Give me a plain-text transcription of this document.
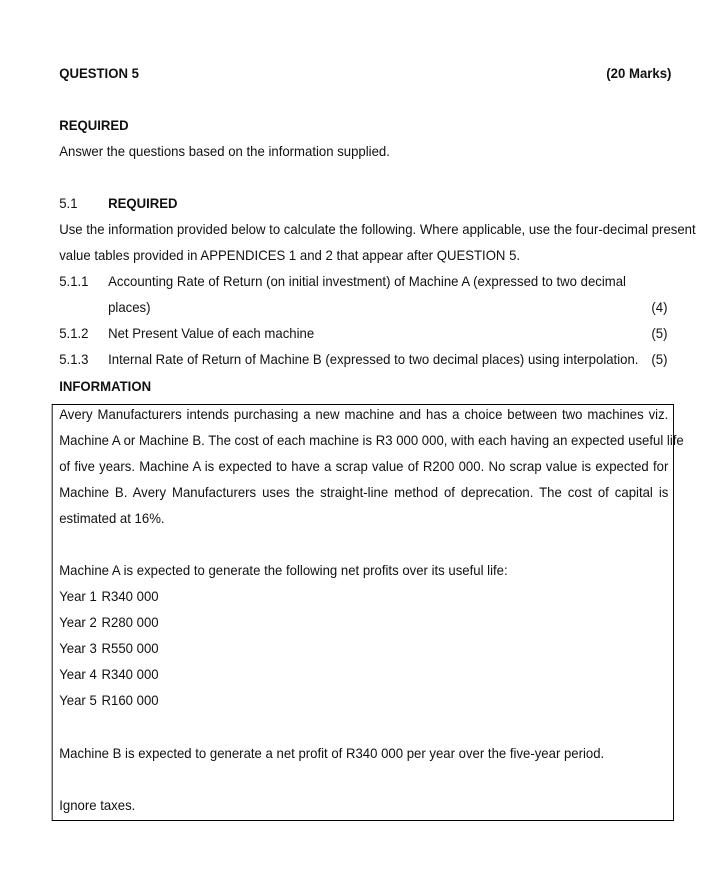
QUESTION 5	(20 Marks)
REQUIRED
Answer the questions based on the information supplied.
5.1 REQUIRED
Use the information provided below to calculate the following. Where applicable, use the four-decimal present
value tables provided in APPENDICES 1 and 2 that appear after QUESTION 5.
5.1.1 Accounting Rate of Return (on initial investment) of Machine A (expressed to two decimal
places)	(4)
5.1.2 Net Present Value of each machine	(5)
5.1.3 Internal Rate of Return of Machine B (expressed to two decimal places) using interpolation. (5)
INFORMATION
Avery Manufacturers intends purchasing a new machine and has a choice between two machines viz.
Machine A or Machine B. The cost of each machine is R3 000 000, with each having an expected useful life
of five years. Machine A is expected to have a scrap value of R200 000. No scrap value is expected for
Machine B. Avery Manufacturers uses the straight-line method of deprecation. The cost of capital is
estimated at 16%.
Machine A is expected to generate the following net profits over its useful life:
Year 1 R340 000
Year 2 R280 000
Year 3 R550 000
Year 4 R340 000
Year 5 R160 000
Machine B is expected to generate a net profit of R340 000 per year over the five-year period.
Ignore taxes.
